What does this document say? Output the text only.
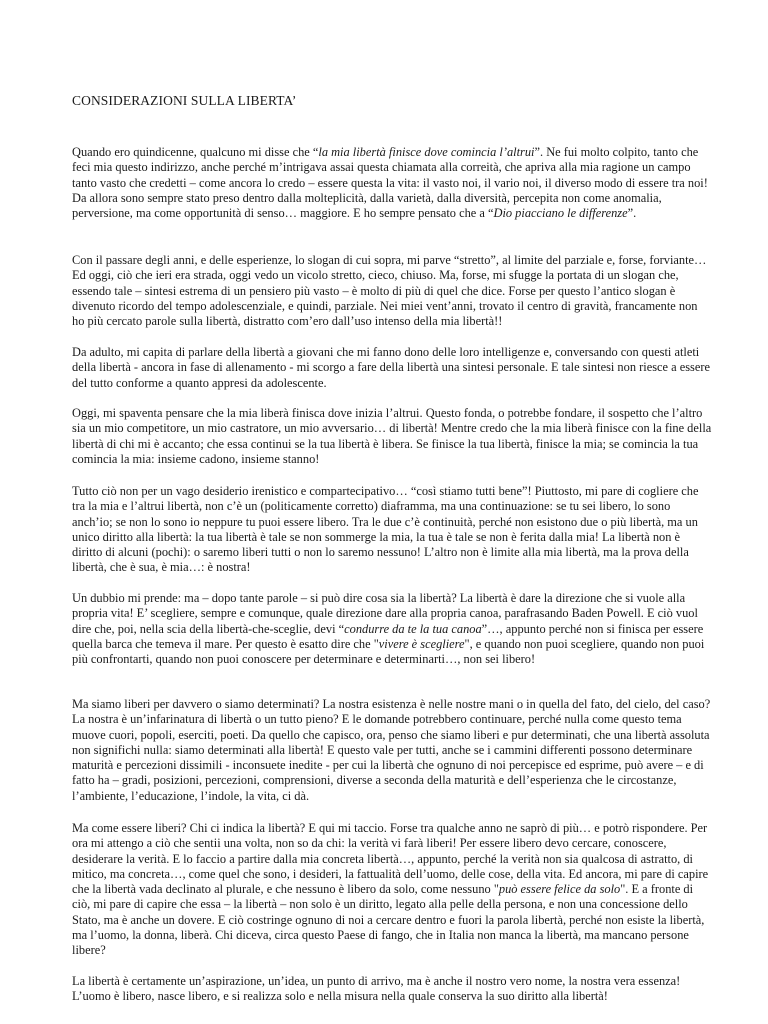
CONSIDERAZIONI SULLA LIBERTA’

Quando ero quindicenne, qualcuno mi disse che “la mia libertà finisce dove comincia l’altrui”. Ne fui molto colpito, tanto che feci mia questo indirizzo, anche perché m’intrigava assai questa chiamata alla correità, che apriva alla mia ragione un campo tanto vasto che credetti – come ancora lo credo – essere questa la vita: il vasto noi, il vario noi, il diverso modo di essere tra noi! Da allora sono sempre stato preso dentro dalla molteplicità, dalla varietà, dalla diversità, percepita non come anomalia, perversione, ma come opportunità di senso… maggiore. E ho sempre pensato che a “Dio piacciano le differenze”.

Con il passare degli anni, e delle esperienze, lo slogan di cui sopra, mi parve “stretto”, al limite del parziale e, forse, forviante… Ed oggi, ciò che ieri era strada, oggi vedo un vicolo stretto, cieco, chiuso. Ma, forse, mi sfugge la portata di un slogan che, essendo tale – sintesi estrema di un pensiero più vasto – è molto di più di quel che dice. Forse per questo l’antico slogan è divenuto ricordo del tempo adolescenziale, e quindi, parziale. Nei miei vent’anni, trovato il centro di gravità, francamente non ho più cercato parole sulla libertà, distratto com’ero dall’uso intenso della mia libertà!!

Da adulto, mi capita di parlare della libertà a giovani che mi fanno dono delle loro intelligenze e, conversando con questi atleti della libertà - ancora in fase di allenamento - mi scorgo a fare della libertà una sintesi personale. E tale sintesi non riesce a essere del tutto conforme a quanto appresi da adolescente.

Oggi, mi spaventa pensare che la mia liberà finisca dove inizia l’altrui. Questo fonda, o potrebbe fondare, il sospetto che l’altro sia un mio competitore, un mio castratore, un mio avversario… di libertà! Mentre credo che la mia liberà finisce con la fine della libertà di chi mi è accanto; che essa continui se la tua libertà è libera. Se finisce la tua libertà, finisce la mia; se comincia la tua comincia la mia: insieme cadono, insieme stanno!

Tutto ciò non per un vago desiderio irenistico e compartecipativo… “così stiamo tutti bene”! Piuttosto, mi pare di cogliere che tra la mia e l’altrui libertà, non c’è un (politicamente corretto) diaframma, ma una continuazione: se tu sei libero, lo sono anch’io; se non lo sono io neppure tu puoi essere libero. Tra le due c’è continuità, perché non esistono due o più libertà, ma un unico diritto alla libertà: la tua libertà è tale se non sommerge la mia, la tua è tale se non è ferita dalla mia! La libertà non è diritto di alcuni (pochi): o saremo liberi tutti o non lo saremo nessuno! L’altro non è limite alla mia libertà, ma la prova della libertà, che è sua, è mia…: è nostra!

Un dubbio mi prende: ma – dopo tante parole – si può dire cosa sia la libertà? La libertà è dare la direzione che si vuole alla propria vita! E’ scegliere, sempre e comunque, quale direzione dare alla propria canoa, parafrasando Baden Powell. E ciò vuol dire che, poi, nella scia della libertà-che-sceglie, devi “condurre da te la tua canoa”…, appunto perché non si finisca per essere quella barca che temeva il mare. Per questo è esatto dire che "vivere è scegliere", e quando non puoi scegliere, quando non puoi più confrontarti, quando non puoi conoscere per determinare e determinarti…, non sei libero!

Ma siamo liberi per davvero o siamo determinati? La nostra esistenza è nelle nostre mani o in quella del fato, del cielo, del caso? La nostra è un’infarinatura di libertà o un tutto pieno? E le domande potrebbero continuare, perché nulla come questo tema muove cuori, popoli, eserciti, poeti. Da quello che capisco, ora, penso che siamo liberi e pur determinati, che una libertà assoluta non significhi nulla: siamo determinati alla libertà! E questo vale per tutti, anche se i cammini differenti possono determinare maturità e percezioni dissimili - inconsuete inedite - per cui la libertà che ognuno di noi percepisce ed esprime, può avere – e di fatto ha – gradi, posizioni, percezioni, comprensioni, diverse a seconda della maturità e dell’esperienza che le circostanze, l’ambiente, l’educazione, l’indole, la vita, ci dà.

Ma come essere liberi? Chi ci indica la libertà? E qui mi taccio. Forse tra qualche anno ne saprò di più… e potrò rispondere. Per ora mi attengo a ciò che sentii una volta, non so da chi: la verità vi farà liberi! Per essere libero devo cercare, conoscere, desiderare la verità. E lo faccio a partire dalla mia concreta libertà…, appunto, perché la verità non sia qualcosa di astratto, di mitico, ma concreta…, come quel che sono, i desideri, la fattualità dell’uomo, delle cose, della vita. Ed ancora, mi pare di capire che la libertà vada declinato al plurale, e che nessuno è libero da solo, come nessuno "può essere felice da solo". E a fronte di ciò, mi pare di capire che essa – la libertà – non solo è un diritto, legato alla pelle della persona, e non una concessione dello Stato, ma è anche un dovere. E ciò costringe ognuno di noi a cercare dentro e fuori la parola libertà, perché non esiste la libertà, ma l’uomo, la donna, liberà. Chi diceva, circa questo Paese di fango, che in Italia non manca la libertà, ma mancano persone libere?

La libertà è certamente un’aspirazione, un’idea, un punto di arrivo, ma è anche il nostro vero nome, la nostra vera essenza! L’uomo è libero, nasce libero, e si realizza solo e nella misura nella quale conserva la suo diritto alla libertà!
